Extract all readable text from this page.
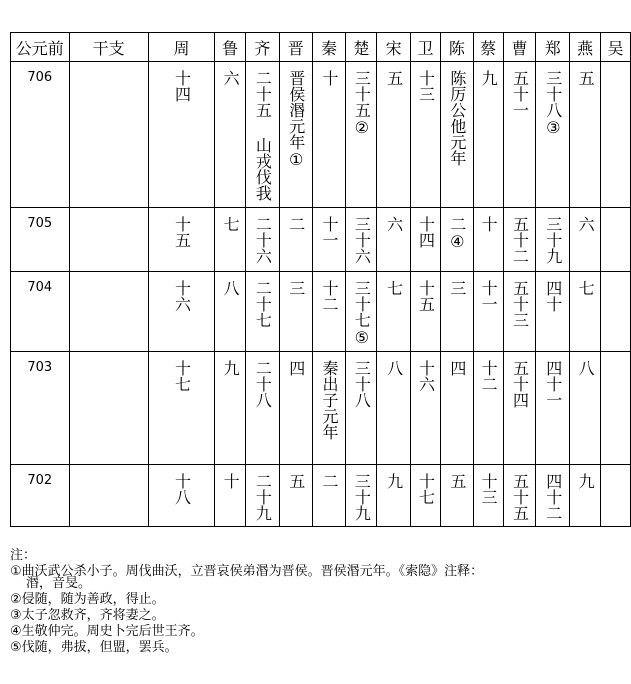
公元前	干支	周	鲁	齐	晋	秦	楚	宋	卫	陈	蔡	曹	郑	燕	吴
706		十四	六	二十五 山戎伐我	晋侯湣元年①	十	三十五②	五	十三	陈厉公他元年	九	五十一	三十八③	五	
705		十五	七	二十六	二	十一	三十六	六	十四	二④	十	五十二	三十九	六	
704		十六	八	二十七	三	十二	三十七⑤	七	十五	三	十一	五十三	四十	七	
703		十七	九	二十八	四	秦出子元年	三十八	八	十六	四	十二	五十四	四十一	八	
702		十八	十	二十九	五	二	三十九	九	十七	五	十三	五十五	四十二	九	

注：

①曲沃武公杀小子。周伐曲沃，立晋哀侯弟湣为晋侯。晋侯湣元年。《索隐》注释：

湣，音旻。

②侵随，随为善政，得止。

③太子忽救齐，齐将妻之。

④生敬仲完。周史卜完后世王齐。

⑤伐随，弗拔，但盟，罢兵。
